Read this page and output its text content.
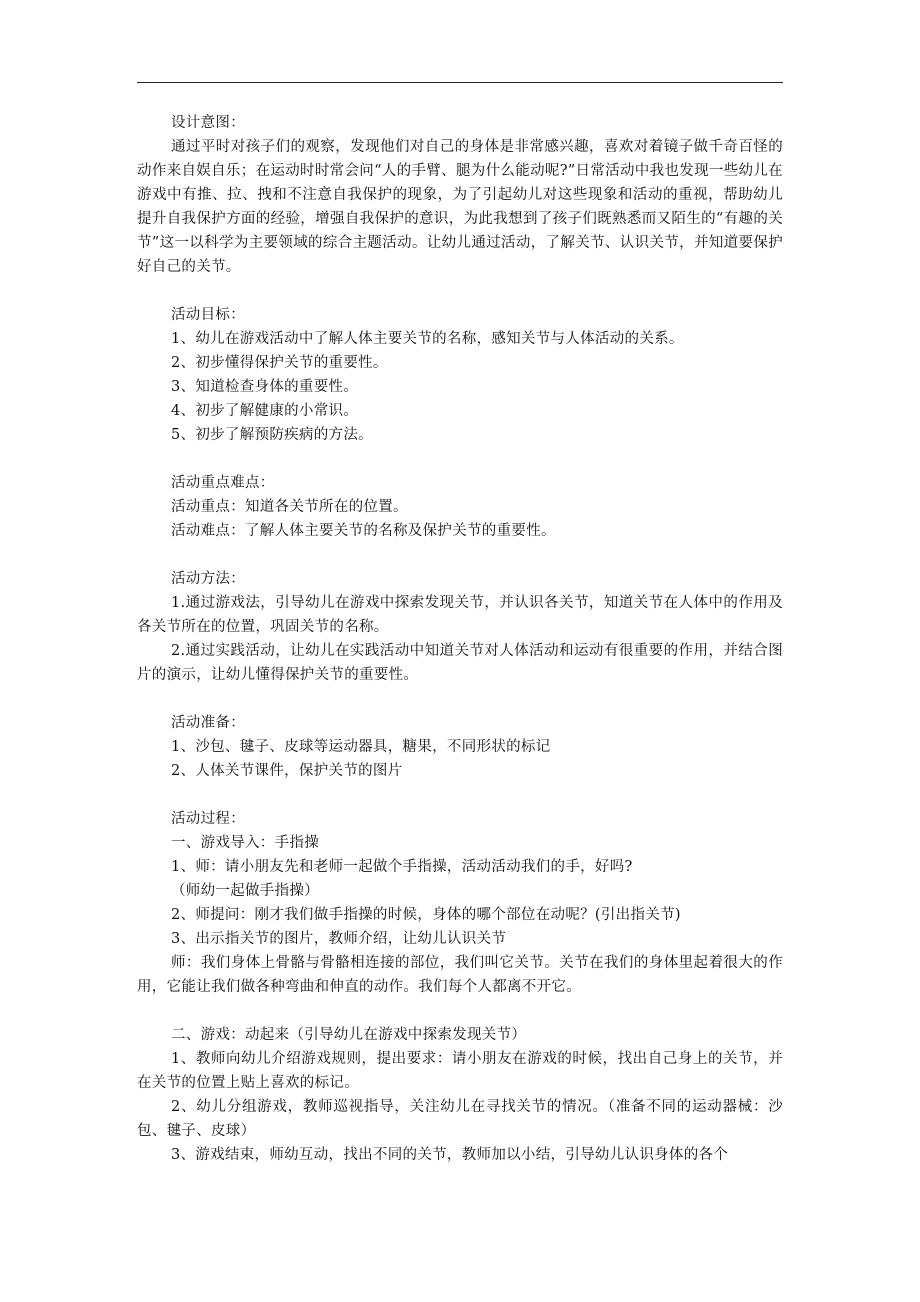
设计意图：

通过平时对孩子们的观察，发现他们对自己的身体是非常感兴趣，喜欢对着镜子做千奇百怪的动作来自娱自乐；在运动时时常会问“人的手臂、腿为什么能动呢?”日常活动中我也发现一些幼儿在游戏中有推、拉、拽和不注意自我保护的现象，为了引起幼儿对这些现象和活动的重视，帮助幼儿提升自我保护方面的经验，增强自我保护的意识，为此我想到了孩子们既熟悉而又陌生的“有趣的关节”这一以科学为主要领域的综合主题活动。让幼儿通过活动，了解关节、认识关节，并知道要保护好自己的关节。

活动目标：

1、幼儿在游戏活动中了解人体主要关节的名称，感知关节与人体活动的关系。

2、初步懂得保护关节的重要性。

3、知道检查身体的重要性。

4、初步了解健康的小常识。

5、初步了解预防疾病的方法。

活动重点难点：

活动重点：知道各关节所在的位置。

活动难点：了解人体主要关节的名称及保护关节的重要性。

活动方法：

1.通过游戏法，引导幼儿在游戏中探索发现关节，并认识各关节，知道关节在人体中的作用及各关节所在的位置，巩固关节的名称。

2.通过实践活动，让幼儿在实践活动中知道关节对人体活动和运动有很重要的作用，并结合图片的演示，让幼儿懂得保护关节的重要性。

活动准备：

1、沙包、毽子、皮球等运动器具，糖果，不同形状的标记

2、人体关节课件，保护关节的图片

活动过程：

一、游戏导入：手指操

1、师：请小朋友先和老师一起做个手指操，活动活动我们的手，好吗?

（师幼一起做手指操）

2、师提问：刚才我们做手指操的时候，身体的哪个部位在动呢？(引出指关节)

3、出示指关节的图片，教师介绍，让幼儿认识关节

师：我们身体上骨骼与骨骼相连接的部位，我们叫它关节。关节在我们的身体里起着很大的作用，它能让我们做各种弯曲和伸直的动作。我们每个人都离不开它。

二、游戏：动起来（引导幼儿在游戏中探索发现关节）

1、教师向幼儿介绍游戏规则，提出要求：请小朋友在游戏的时候，找出自己身上的关节，并在关节的位置上贴上喜欢的标记。

2、幼儿分组游戏，教师巡视指导，关注幼儿在寻找关节的情况。（准备不同的运动器械：沙包、毽子、皮球）

3、游戏结束，师幼互动，找出不同的关节，教师加以小结，引导幼儿认识身体的各个
